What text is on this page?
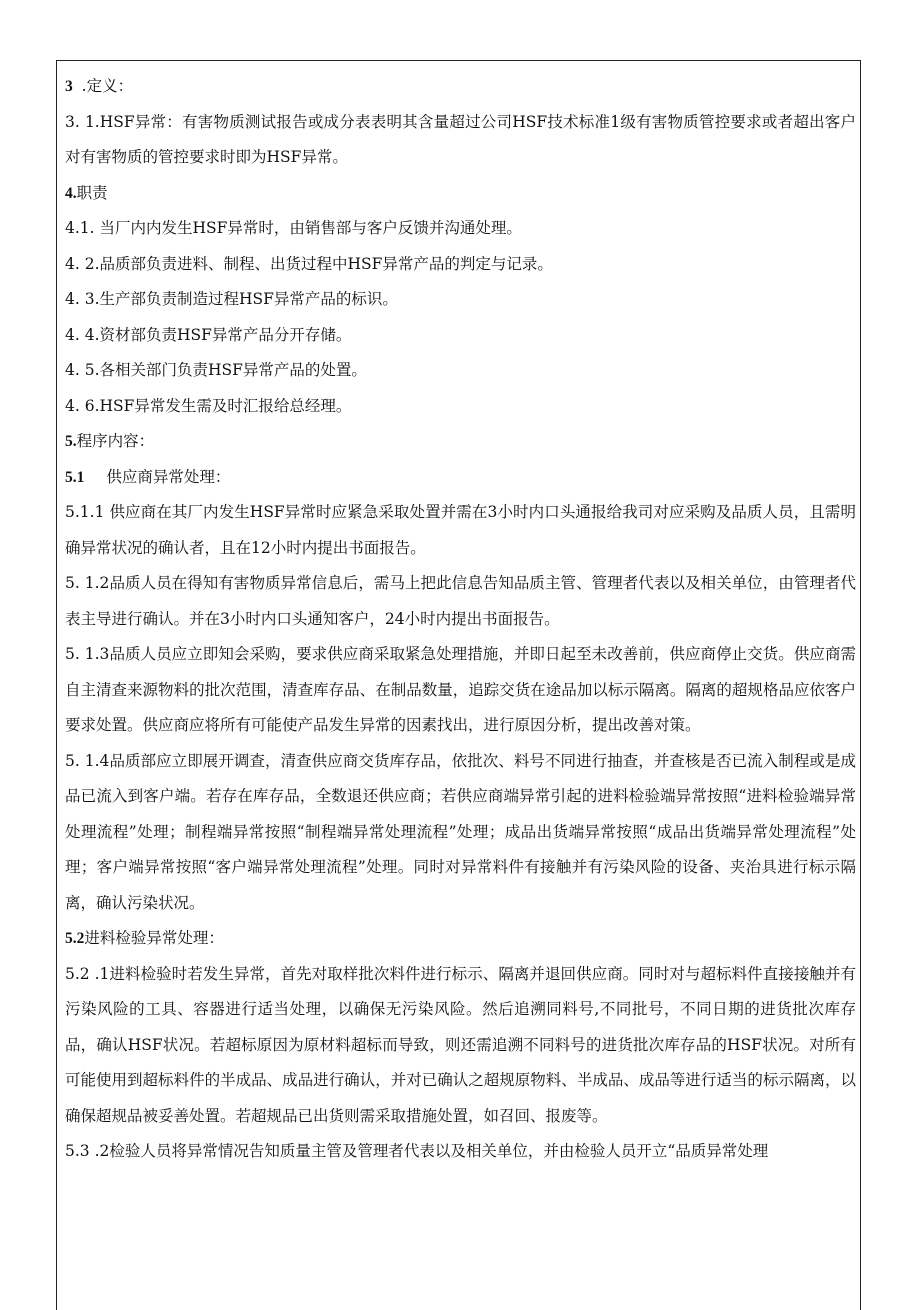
3 .定义：

3. 1.HSF异常：有害物质测试报告或成分表表明其含量超过公司HSF技术标准1级有害物质管控要求或者超出客户对有害物质的管控要求时即为HSF异常。

4.职责

4.1. 当厂内内发生HSF异常时，由销售部与客户反馈并沟通处理。

4. 2.品质部负责进料、制程、出货过程中HSF异常产品的判定与记录。

4. 3.生产部负责制造过程HSF异常产品的标识。

4. 4.资材部负责HSF异常产品分开存储。

4. 5.各相关部门负责HSF异常产品的处置。

4. 6.HSF异常发生需及时汇报给总经理。

5.程序内容：

5.1 供应商异常处理：

5.1.1 供应商在其厂内发生HSF异常时应紧急采取处置并需在3小时内口头通报给我司对应采购及品质人员，且需明确异常状况的确认者，且在12小时内提出书面报告。

5. 1.2品质人员在得知有害物质异常信息后，需马上把此信息告知品质主管、管理者代表以及相关单位，由管理者代表主导进行确认。并在3小时内口头通知客户，24小时内提出书面报告。

5. 1.3品质人员应立即知会采购，要求供应商采取紧急处理措施，并即日起至未改善前，供应商停止交货。供应商需自主清查来源物料的批次范围，清查库存品、在制品数量，追踪交货在途品加以标示隔离。隔离的超规格品应依客户要求处置。供应商应将所有可能使产品发生异常的因素找出，进行原因分析，提出改善对策。

5. 1.4品质部应立即展开调查，清查供应商交货库存品，依批次、料号不同进行抽查，并查核是否已流入制程或是成品已流入到客户端。若存在库存品，全数退还供应商；若供应商端异常引起的进料检验端异常按照“进料检验端异常处理流程”处理；制程端异常按照“制程端异常处理流程”处理；成品出货端异常按照“成品出货端异常处理流程”处理；客户端异常按照“客户端异常处理流程”处理。同时对异常料件有接触并有污染风险的设备、夹治具进行标示隔离，确认污染状况。

5.2进料检验异常处理：

5.2 .1进料检验时若发生异常，首先对取样批次料件进行标示、隔离并退回供应商。同时对与超标料件直接接触并有污染风险的工具、容器进行适当处理，以确保无污染风险。然后追溯同料号,不同批号，不同日期的进货批次库存品，确认HSF状况。若超标原因为原材料超标而导致，则还需追溯不同料号的进货批次库存品的HSF状况。对所有可能使用到超标料件的半成品、成品进行确认，并对已确认之超规原物料、半成品、成品等进行适当的标示隔离，以确保超规品被妥善处置。若超规品已出货则需采取措施处置，如召回、报废等。

5.3 .2检验人员将异常情况告知质量主管及管理者代表以及相关单位，并由检验人员开立“品质异常处理
